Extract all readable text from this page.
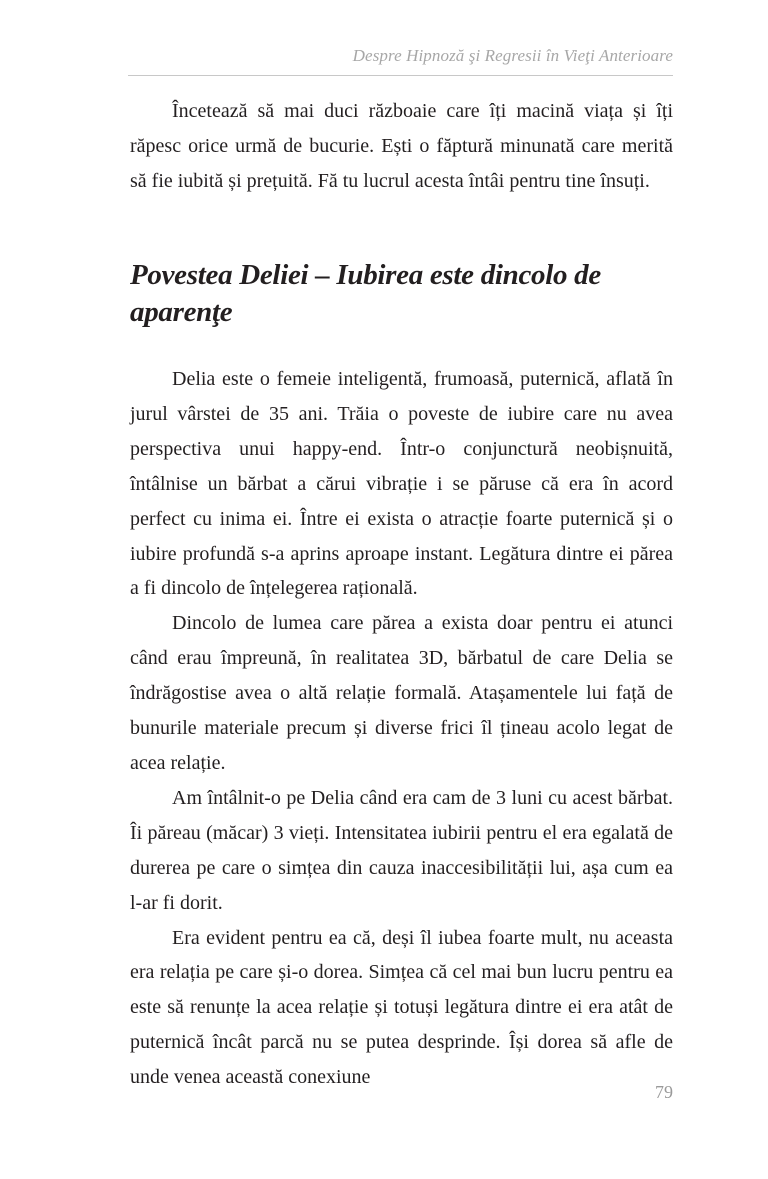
Despre Hipnoză şi Regresii în Vieţi Anterioare

Încetează să mai duci războaie care îți macină viața și îți răpesc orice urmă de bucurie. Ești o făptură minunată care merită să fie iubită și prețuită. Fă tu lucrul acesta întâi pentru tine însuți.

Povestea Deliei – Iubirea este dincolo de aparenţe

Delia este o femeie inteligentă, frumoasă, puternică, aflată în jurul vârstei de 35 ani. Trăia o poveste de iubire care nu avea perspectiva unui happy-end. Într-o conjunctură neobișnuită, întâlnise un bărbat a cărui vibrație i se păruse că era în acord perfect cu inima ei. Între ei exista o atracție foarte puternică și o iubire profundă s-a aprins aproape instant. Legătura dintre ei părea a fi dincolo de înțelegerea rațională.

Dincolo de lumea care părea a exista doar pentru ei atunci când erau împreună, în realitatea 3D, bărbatul de care Delia se îndrăgostise avea o altă relație formală. Atașamentele lui față de bunurile materiale precum și diverse frici îl țineau acolo legat de acea relație.

Am întâlnit-o pe Delia când era cam de 3 luni cu acest bărbat. Îi păreau (măcar) 3 vieți. Intensitatea iubirii pentru el era egalată de durerea pe care o simțea din cauza inaccesibilității lui, așa cum ea l-ar fi dorit.

Era evident pentru ea că, deși îl iubea foarte mult, nu aceasta era relația pe care și-o dorea. Simțea că cel mai bun lucru pentru ea este să renunțe la acea relație și totuși legătura dintre ei era atât de puternică încât parcă nu se putea desprinde. Își dorea să afle de unde venea această conexiune

79
